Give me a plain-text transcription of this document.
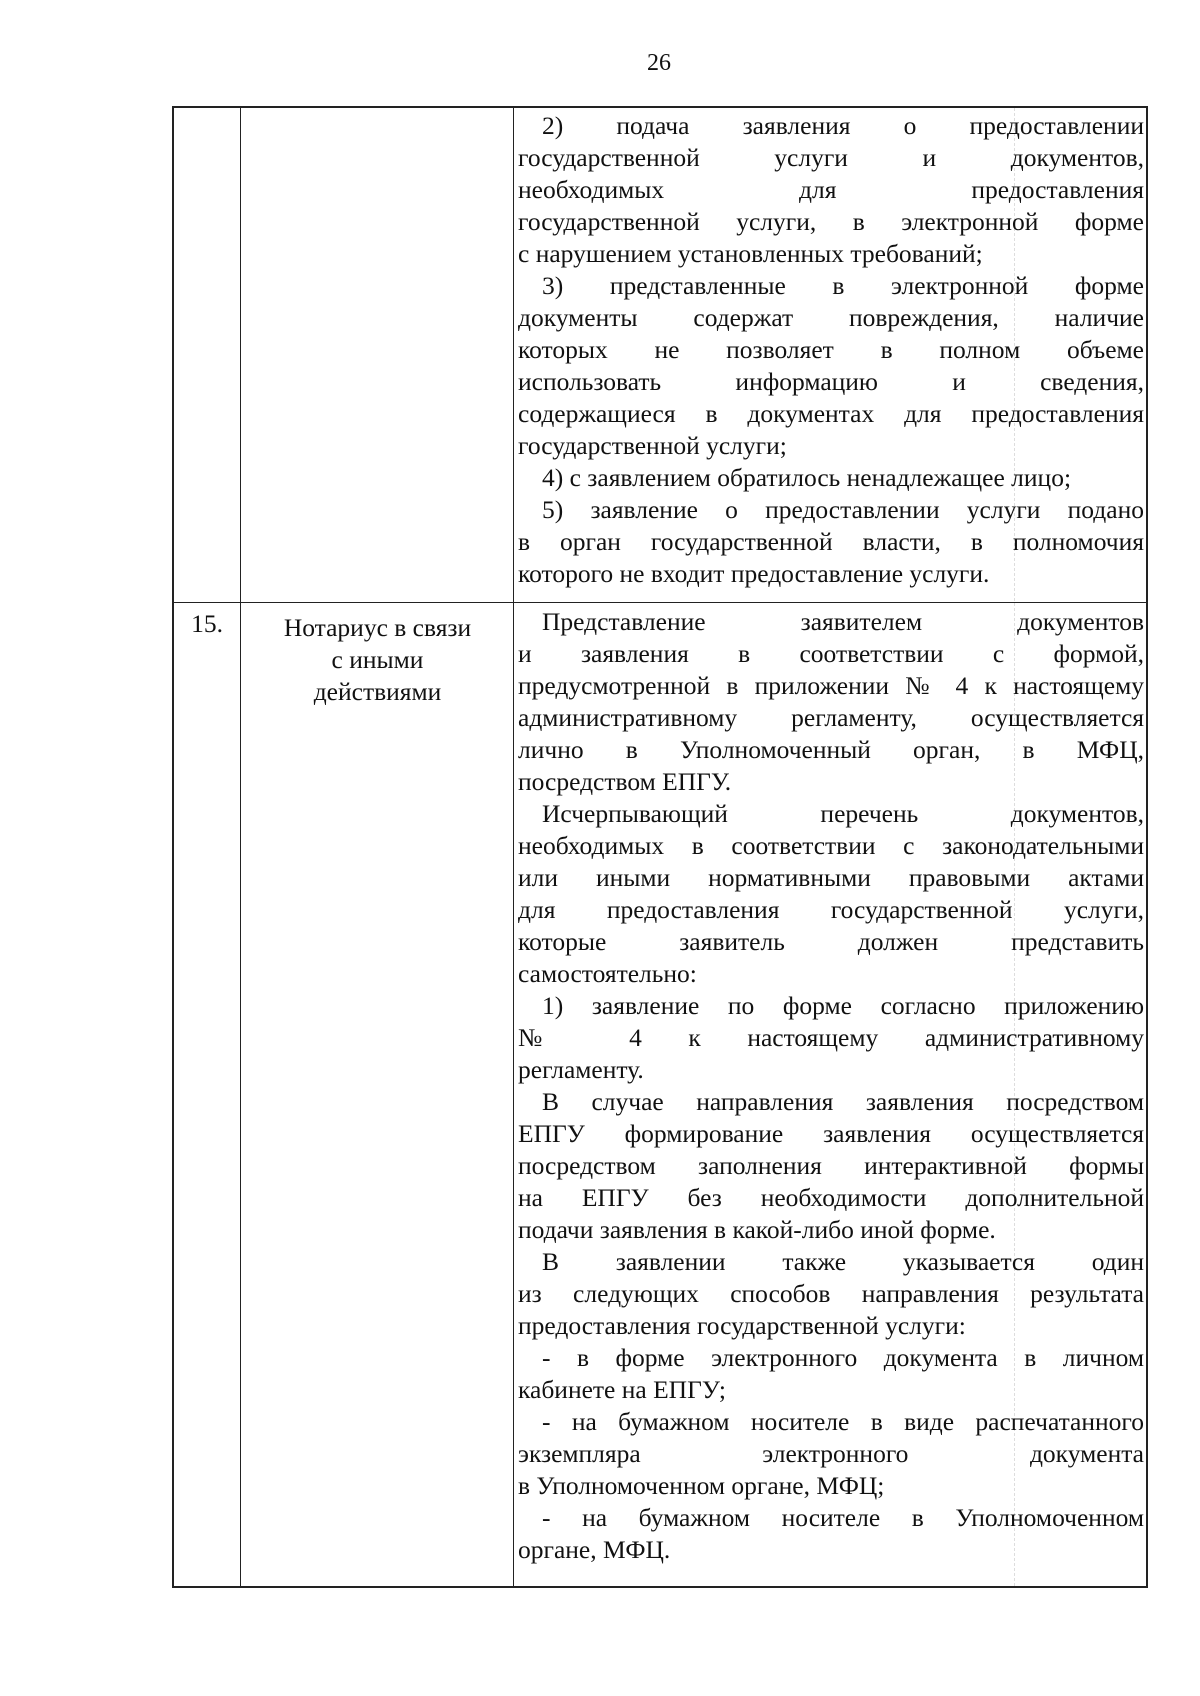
26
2) подача заявления о предоставлении
государственной услуги и документов,
необходимых для предоставления
государственной услуги, в электронной форме
с нарушением установленных требований;
3) представленные в электронной форме
документы содержат повреждения, наличие
которых не позволяет в полном объеме
использовать информацию и сведения,
содержащиеся в документах для предоставления
государственной услуги;
4) с заявлением обратилось ненадлежащее лицо;
5) заявление о предоставлении услуги подано
в орган государственной власти, в полномочия
которого не входит предоставление услуги.
15.	Нотариус в связи
с иными
действиями
Представление заявителем документов
и заявления в соответствии с формой,
предусмотренной в приложении № 4 к настоящему
административному регламенту, осуществляется
лично в Уполномоченный орган, в МФЦ,
посредством ЕПГУ.
Исчерпывающий перечень документов,
необходимых в соответствии с законодательными
или иными нормативными правовыми актами
для предоставления государственной услуги,
которые заявитель должен представить
самостоятельно:
1) заявление по форме согласно приложению
№ 4 к настоящему административному
регламенту.
В случае направления заявления посредством
ЕПГУ формирование заявления осуществляется
посредством заполнения интерактивной формы
на ЕПГУ без необходимости дополнительной
подачи заявления в какой-либо иной форме.
В заявлении также указывается один
из следующих способов направления результата
предоставления государственной услуги:
- в форме электронного документа в личном
кабинете на ЕПГУ;
- на бумажном носителе в виде распечатанного
экземпляра электронного документа
в Уполномоченном органе, МФЦ;
- на бумажном носителе в Уполномоченном
органе, МФЦ.
